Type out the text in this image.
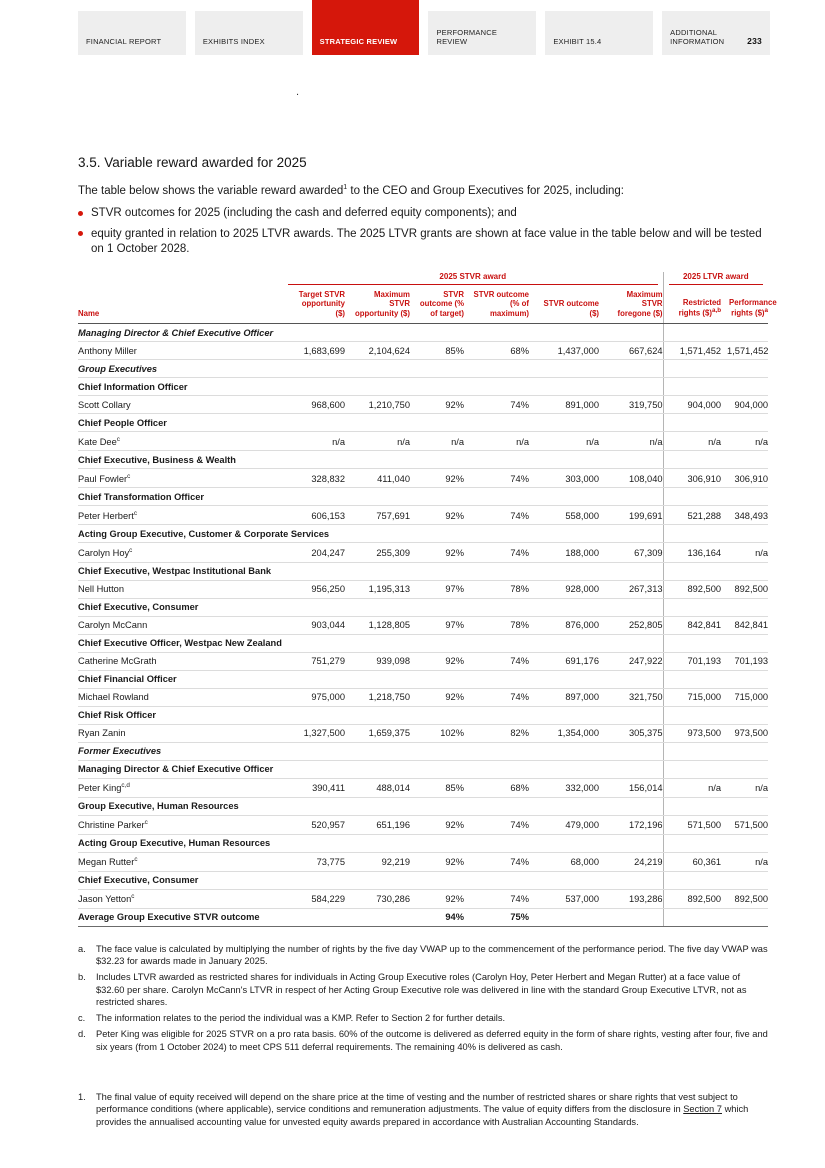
FINANCIAL REPORT	EXHIBITS INDEX	STRATEGIC REVIEW
PERFORMANCE REVIEW	EXHIBIT 15.4
ADDITIONAL INFORMATION	233
.
3.5. Variable reward awarded for 2025

The table below shows the variable reward awarded$^1$ to the CEO and Group Executives for 2025, including:

STVR outcomes for 2025 (including the cash and deferred equity components); and
equity granted in relation to 2025 LTVR awards. The 2025 LTVR grants are shown at face value in the table below and will be tested on 1 October 2028.

	2025 STVR award						2025 LTVR award	

Name	Target STVR opportunity ($)	Maximum STVR opportunity ($)	STVR outcome (% of target)	STVR outcome (% of maximum)	STVR outcome ($)	Maximum STVR foregone ($)	Restricted rights ($)$^{a,b}$	Performance rights ($)$^a$
Managing Director & Chief Executive Officer								
Anthony Miller	1,683,699	2,104,624	85%	68%	1,437,000	667,624	1,571,452	1,571,452
Group Executives								
Chief Information Officer								
Scott Collary	968,600	1,210,750	92%	74%	891,000	319,750	904,000	904,000
Chief People Officer								
Kate Dee$^c$	n/a	n/a	n/a	n/a	n/a	n/a	n/a	n/a
Chief Executive, Business & Wealth								
Paul Fowler$^c$	328,832	411,040	92%	74%	303,000	108,040	306,910	306,910
Chief Transformation Officer								
Peter Herbert$^c$	606,153	757,691	92%	74%	558,000	199,691	521,288	348,493
Acting Group Executive, Customer & Corporate Services								
Carolyn Hoy$^c$	204,247	255,309	92%	74%	188,000	67,309	136,164	n/a
Chief Executive, Westpac Institutional Bank								
Nell Hutton	956,250	1,195,313	97%	78%	928,000	267,313	892,500	892,500
Chief Executive, Consumer								
Carolyn McCann	903,044	1,128,805	97%	78%	876,000	252,805	842,841	842,841
Chief Executive Officer, Westpac New Zealand								
Catherine McGrath	751,279	939,098	92%	74%	691,176	247,922	701,193	701,193
Chief Financial Officer								
Michael Rowland	975,000	1,218,750	92%	74%	897,000	321,750	715,000	715,000
Chief Risk Officer								
Ryan Zanin	1,327,500	1,659,375	102%	82%	1,354,000	305,375	973,500	973,500
Former Executives								
Managing Director & Chief Executive Officer								
Peter King$^{c,d}$	390,411	488,014	85%	68%	332,000	156,014	n/a	n/a
Group Executive, Human Resources								
Christine Parker$^c$	520,957	651,196	92%	74%	479,000	172,196	571,500	571,500
Acting Group Executive, Human Resources								
Megan Rutter$^c$	73,775	92,219	92%	74%	68,000	24,219	60,361	n/a
Chief Executive, Consumer								
Jason Yetton$^c$	584,229	730,286	92%	74%	537,000	193,286	892,500	892,500
Average Group Executive STVR outcome			94%	75%				
a.	The face value is calculated by multiplying the number of rights by the five day VWAP up to the commencement of the performance period. The five day VWAP was $32.23 for awards made in January 2025.
b.	Includes LTVR awarded as restricted shares for individuals in Acting Group Executive roles (Carolyn Hoy, Peter Herbert and Megan Rutter) at a face value of $32.60 per share. Carolyn McCann's LTVR in respect of her Acting Group Executive role was delivered in line with the standard Group Executive LTVR, not as restricted shares.
c.	The information relates to the period the individual was a KMP. Refer to Section 2 for further details.
d.	Peter King was eligible for 2025 STVR on a pro rata basis. 60% of the outcome is delivered as deferred equity in the form of share rights, vesting after four, five and six years (from 1 October 2024) to meet CPS 511 deferral requirements. The remaining 40% is delivered as cash.
1.	The final value of equity received will depend on the share price at the time of vesting and the number of restricted shares or share rights that vest subject to performance conditions (where applicable), service conditions and remuneration adjustments. The value of equity differs from the disclosure in Section 7 which provides the annualised accounting value for unvested equity awards prepared in accordance with Australian Accounting Standards.
